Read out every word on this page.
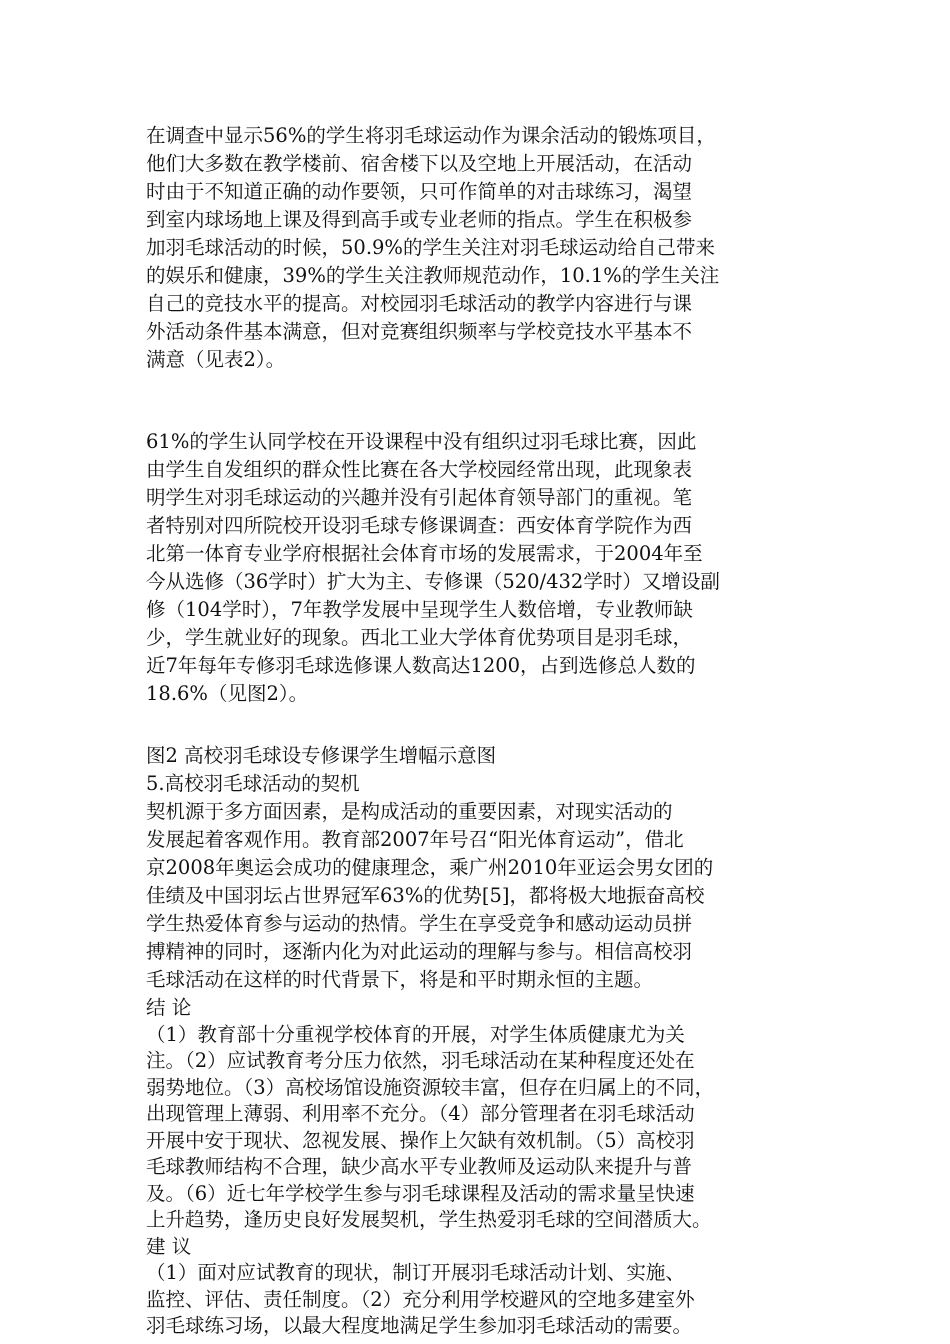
在调查中显示56%的学生将羽毛球运动作为课余活动的锻炼项目，
他们大多数在教学楼前、宿舍楼下以及空地上开展活动，在活动
时由于不知道正确的动作要领，只可作简单的对击球练习，渴望
到室内球场地上课及得到高手或专业老师的指点。学生在积极参
加羽毛球活动的时候，50.9%的学生关注对羽毛球运动给自己带来
的娱乐和健康，39%的学生关注教师规范动作，10.1%的学生关注
自己的竞技水平的提高。对校园羽毛球活动的教学内容进行与课
外活动条件基本满意，但对竞赛组织频率与学校竞技水平基本不
满意（见表2）。
61%的学生认同学校在开设课程中没有组织过羽毛球比赛，因此
由学生自发组织的群众性比赛在各大学校园经常出现，此现象表
明学生对羽毛球运动的兴趣并没有引起体育领导部门的重视。笔
者特别对四所院校开设羽毛球专修课调查：西安体育学院作为西
北第一体育专业学府根据社会体育市场的发展需求，于2004年至
今从选修（36学时）扩大为主、专修课（520/432学时）又增设副
修（104学时），7年教学发展中呈现学生人数倍增，专业教师缺
少，学生就业好的现象。西北工业大学体育优势项目是羽毛球，
近7年每年专修羽毛球选修课人数高达1200，占到选修总人数的
18.6%（见图2）。
图2 高校羽毛球设专修课学生增幅示意图
5.高校羽毛球活动的契机
契机源于多方面因素，是构成活动的重要因素，对现实活动的
发展起着客观作用。教育部2007年号召“阳光体育运动”，借北
京2008年奥运会成功的健康理念，乘广州2010年亚运会男女团的
佳绩及中国羽坛占世界冠军63%的优势[5]，都将极大地振奋高校
学生热爱体育参与运动的热情。学生在享受竞争和感动运动员拼
搏精神的同时，逐渐内化为对此运动的理解与参与。相信高校羽
毛球活动在这样的时代背景下，将是和平时期永恒的主题。
结 论
（1）教育部十分重视学校体育的开展，对学生体质健康尤为关
注。（2）应试教育考分压力依然，羽毛球活动在某种程度还处在
弱势地位。（3）高校场馆设施资源较丰富，但存在归属上的不同，
出现管理上薄弱、利用率不充分。（4）部分管理者在羽毛球活动
开展中安于现状、忽视发展、操作上欠缺有效机制。（5）高校羽
毛球教师结构不合理，缺少高水平专业教师及运动队来提升与普
及。（6）近七年学校学生参与羽毛球课程及活动的需求量呈快速
上升趋势，逢历史良好发展契机，学生热爱羽毛球的空间潜质大。
建 议
（1）面对应试教育的现状，制订开展羽毛球活动计划、实施、
监控、评估、责任制度。（2）充分利用学校避风的空地多建室外
羽毛球练习场，以最大程度地满足学生参加羽毛球活动的需要。
